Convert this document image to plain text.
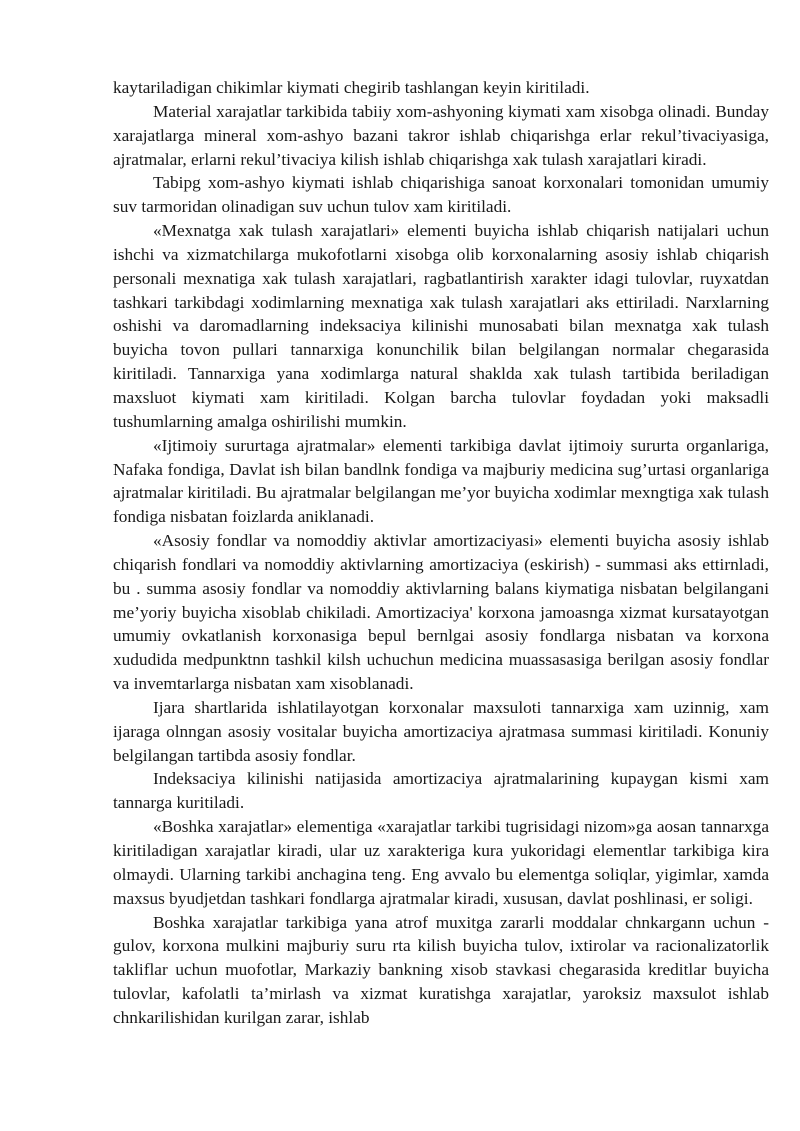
kaytariladigan chikimlar kiymati chegirib tashlangan keyin kiritiladi.

Material xarajatlar tarkibida tabiiy xom-ashyoning kiymati xam xisobga olinadi. Bunday xarajatlarga mineral xom-ashyo bazani takror ishlab chiqarishga erlar rekul’tivaciyasiga, ajratmalar, erlarni rekul’tivaciya kilish ishlab chiqarishga xak tulash xarajatlari kiradi.

Tabipg xom-ashyo kiymati ishlab chiqarishiga sanoat korxonalari tomonidan umumiy suv tarmoridan olinadigan suv uchun tulov xam kiritiladi.

«Mexnatga xak tulash xarajatlari» elementi buyicha ishlab chiqarish natijalari uchun ishchi va xizmatchilarga mukofotlarni xisobga olib korxonalarning asosiy ishlab chiqarish personali mexnatiga xak tulash xarajatlari, ragbatlantirish xarakter idagi tulovlar, ruyxatdan tashkari tarkibdagi xodimlarning mexnatiga xak tulash xarajatlari aks ettiriladi. Narxlarning oshishi va daromadlarning indeksaciya kilinishi munosabati bilan mexnatga xak tulash buyicha tovon pullari tannarxiga konunchilik bilan belgilangan normalar chegarasida kiritiladi. Tannarxiga yana xodimlarga natural shaklda xak tulash tartibida beriladigan maxsluot kiymati xam kiritiladi. Kolgan barcha tulovlar foydadan yoki maksadli tushumlarning amalga oshirilishi mumkin.

«Ijtimoiy sururtaga ajratmalar» elementi tarkibiga davlat ijtimoiy sururta organlariga, Nafaka fondiga, Davlat ish bilan bandlnk fondiga va majburiy medicina sug’urtasi organlariga ajratmalar kiritiladi. Bu ajratmalar belgilangan me’yor buyicha xodimlar mexngtiga xak tulash fondiga nisbatan foizlarda aniklanadi.

«Asosiy fondlar va nomoddiy aktivlar amortizaciyasi» elementi buyicha asosiy ishlab chiqarish fondlari va nomoddiy aktivlarning amortizaciya (eskirish) - summasi aks ettirnladi, bu . summa asosiy fondlar va nomoddiy aktivlarning balans kiymatiga nisbatan belgilangani me’yoriy buyicha xisoblab chikiladi. Amortizaciya' korxona jamoasnga xizmat kursatayotgan umumiy ovkatlanish korxonasiga bepul bernlgai asosiy fondlarga nisbatan va korxona xududida medpunktnn tashkil kilsh uchuchun medicina muassasasiga berilgan asosiy fondlar va invemtarlarga nisbatan xam xisoblanadi.

Ijara shartlarida ishlatilayotgan korxonalar maxsuloti tannarxiga xam uzinnig, xam ijaraga olnngan asosiy vositalar buyicha amortizaciya ajratmasa summasi kiritiladi. Konuniy belgilangan tartibda asosiy fondlar.

Indeksaciya kilinishi natijasida amortizaciya ajratmalarining kupaygan kismi xam tannarga kuritiladi.

«Boshka xarajatlar» elementiga «xarajatlar tarkibi tugrisidagi nizom»ga aosan tannarxga kiritiladigan xarajatlar kiradi, ular uz xarakteriga kura yukoridagi elementlar tarkibiga kira olmaydi. Ularning tarkibi anchagina teng. Eng avvalo bu elementga soliqlar, yigimlar, xamda maxsus byudjetdan tashkari fondlarga ajratmalar kiradi, xususan, davlat poshlinasi, er soligi.

Boshka xarajatlar tarkibiga yana atrof muxitga zararli moddalar chnkargann uchun -gulov, korxona mulkini majburiy suru rta kilish buyicha tulov, ixtirolar va racionalizatorlik takliflar uchun muofotlar, Markaziy bankning xisob stavkasi chegarasida kreditlar buyicha tulovlar, kafolatli ta’mirlash va xizmat kuratishga xarajatlar, yaroksiz maxsulot ishlab chnkarilishidan kurilgan zarar, ishlab
